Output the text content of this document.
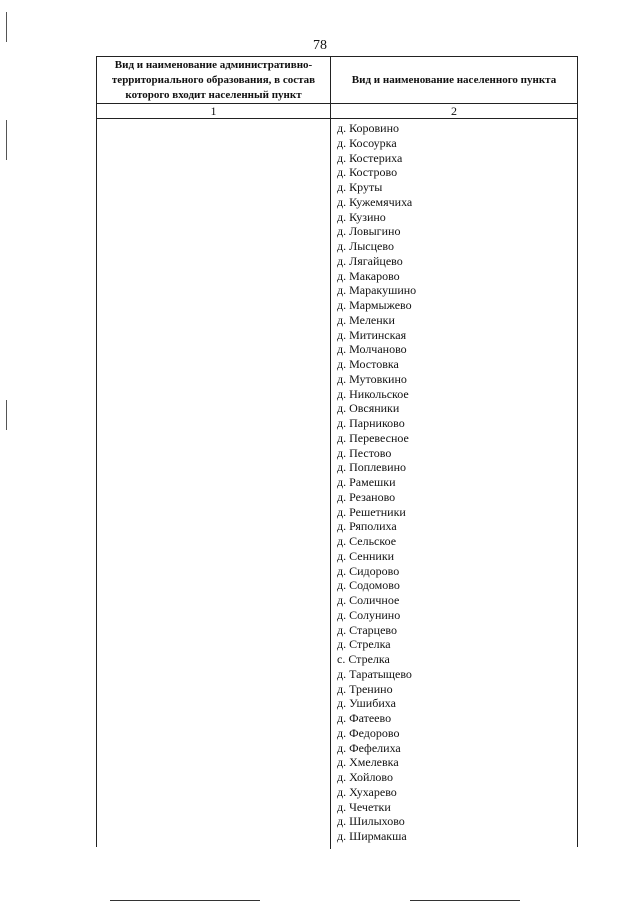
78
Вид и наименование административно-территориального образования, в состав которого входит населенный пункт
Вид и наименование населенного пункта
1	2
д. Коровино
д. Косоурка
д. Костериха
д. Кострово
д. Круты
д. Кужемячиха
д. Кузино
д. Ловыгино
д. Лысцево
д. Лягайцево
д. Макарово
д. Маракушино
д. Мармыжево
д. Меленки
д. Митинская
д. Молчаново
д. Мостовка
д. Мутовкино
д. Никольское
д. Овсяники
д. Парниково
д. Перевесное
д. Пестово
д. Поплевино
д. Рамешки
д. Резаново
д. Решетники
д. Ряполиха
д. Сельское
д. Сенники
д. Сидорово
д. Содомово
д. Соличное
д. Солунино
д. Старцево
д. Стрелка
с. Стрелка
д. Таратыщево
д. Тренино
д. Ушибиха
д. Фатеево
д. Федорово
д. Фефелиха
д. Хмелевка
д. Хойлово
д. Хухарево
д. Чечетки
д. Шилыхово
д. Ширмакша
